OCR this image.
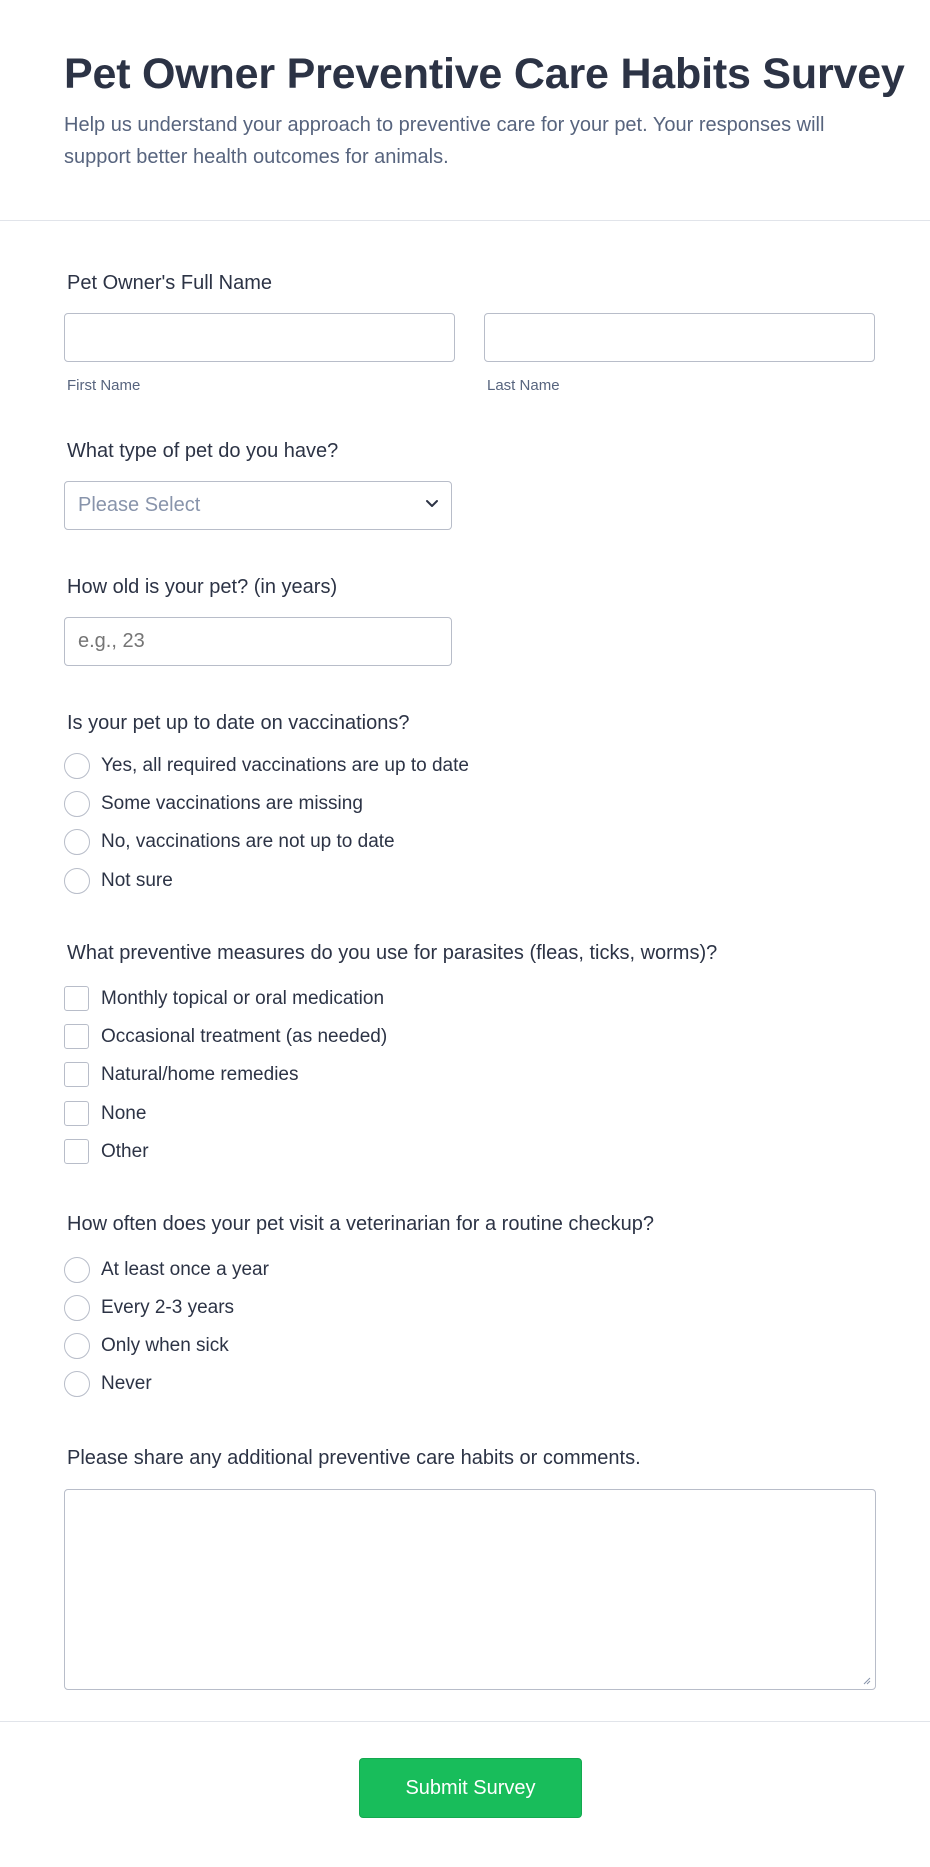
Pet Owner Preventive Care Habits Survey

Help us understand your approach to preventive care for your pet. Your responses will support better health outcomes for animals.

Pet Owner's Full Name
First Name	Last Name
What type of pet do you have?
Please Select
How old is your pet? (in years)
e.g., 23
Is your pet up to date on vaccinations?
Yes, all required vaccinations are up to date
Some vaccinations are missing
No, vaccinations are not up to date
Not sure
What preventive measures do you use for parasites (fleas, ticks, worms)?
Monthly topical or oral medication
Occasional treatment (as needed)
Natural/home remedies
None
Other
How often does your pet visit a veterinarian for a routine checkup?
At least once a year
Every 2-3 years
Only when sick
Never
Please share any additional preventive care habits or comments.
Submit Survey
